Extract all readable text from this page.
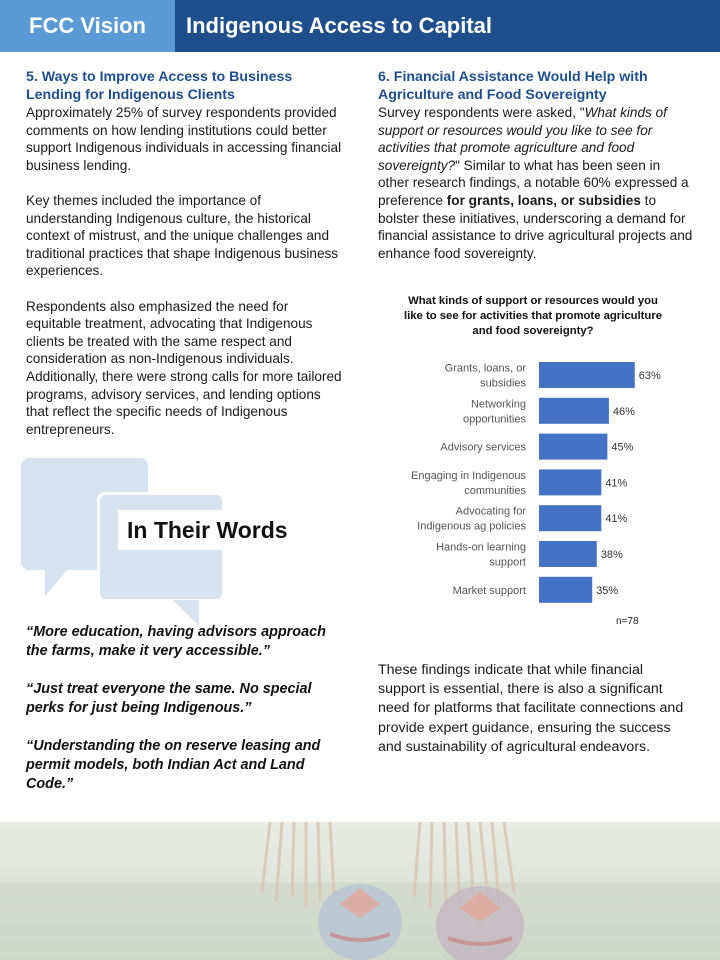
FCC Vision	Indigenous Access to Capital
5. Ways to Improve Access to Business Lending for Indigenous Clients
Approximately 25% of survey respondents provided comments on how lending institutions could better support Indigenous individuals in accessing financial business lending.
Key themes included the importance of understanding Indigenous culture, the historical context of mistrust, and the unique challenges and traditional practices that shape Indigenous business experiences.
Respondents also emphasized the need for equitable treatment, advocating that Indigenous clients be treated with the same respect and consideration as non-Indigenous individuals. Additionally, there were strong calls for more tailored programs, advisory services, and lending options that reflect the specific needs of Indigenous entrepreneurs.
In Their Words
“More education, having advisors approach the farms, make it very accessible.”
“Just treat everyone the same. No special perks for just being Indigenous.”
“Understanding the on reserve leasing and permit models, both Indian Act and Land Code.”
6. Financial Assistance Would Help with Agriculture and Food Sovereignty
Survey respondents were asked, "What kinds of support or resources would you like to see for activities that promote agriculture and food sovereignty?" Similar to what has been seen in other research findings, a notable 60% expressed a preference for grants, loans, or subsidies to bolster these initiatives, underscoring a demand for financial assistance to drive agricultural projects and enhance food sovereignty.
What kinds of support or resources would you like to see for activities that promote agriculture and food sovereignty?
63%
Grants, loans, or subsidies
46%
Networking opportunities
45%
Advisory services
41%
Engaging in Indigenous communities
41%
Advocating for Indigenous ag policies
38%
Hands-on learning support
35%
Market support
n=78
These findings indicate that while financial support is essential, there is also a significant need for platforms that facilitate connections and provide expert guidance, ensuring the success and sustainability of agricultural endeavors.
